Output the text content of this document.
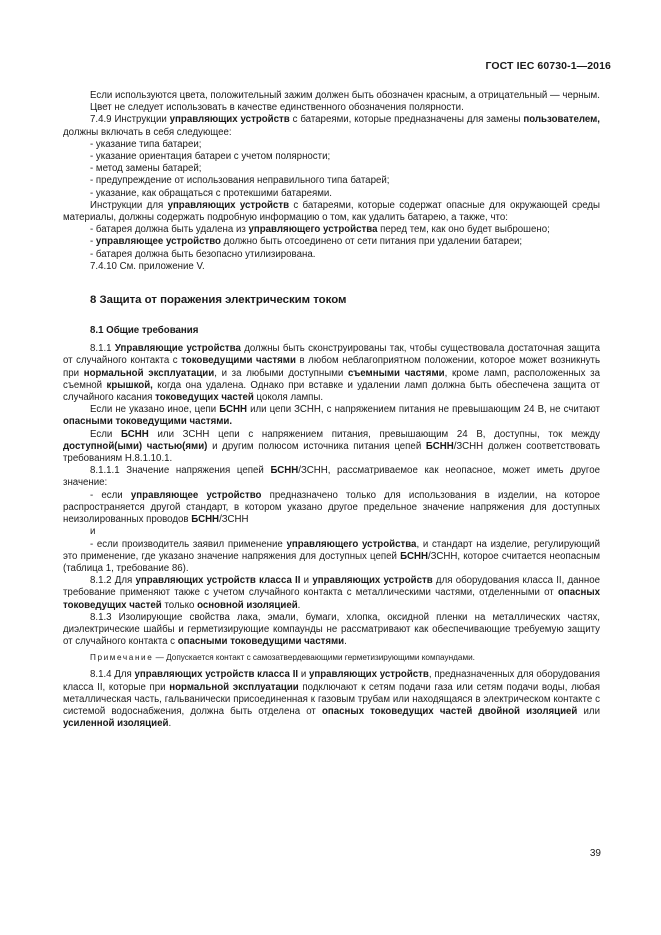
ГОСТ IEC 60730-1—2016

Если используются цвета, положительный зажим должен быть обозначен красным, а отрицательный — черным.

Цвет не следует использовать в качестве единственного обозначения полярности.

7.4.9 Инструкции управляющих устройств с батареями, которые предназначены для замены пользователем, должны включать в себя следующее:

- указание типа батареи;

- указание ориентация батареи с учетом полярности;

- метод замены батарей;

- предупреждение от использования неправильного типа батарей;

- указание, как обращаться с протекшими батареями.

Инструкции для управляющих устройств с батареями, которые содержат опасные для окружающей среды материалы, должны содержать подробную информацию о том, как удалить батарею, а также, что:

- батарея должна быть удалена из управляющего устройства перед тем, как оно будет выброшено;

- управляющее устройство должно быть отсоединено от сети питания при удалении батареи;

- батарея должна быть безопасно утилизирована.

7.4.10 См. приложение V.

8 Защита от поражения электрическим током

8.1 Общие требования

8.1.1 Управляющие устройства должны быть сконструированы так, чтобы существовала достаточная защита от случайного контакта с токоведущими частями в любом неблагоприятном положении, которое может возникнуть при нормальной эксплуатации, и за любыми доступными съемными частями, кроме ламп, расположенных за съемной крышкой, когда она удалена. Однако при вставке и удалении ламп должна быть обеспечена защита от случайного касания токоведущих частей цоколя лампы.

Если не указано иное, цепи БСНН или цепи ЗСНН, с напряжением питания не превышающим 24 В, не считают опасными токоведущими частями.

Если БСНН или ЗСНН цепи с напряжением питания, превышающим 24 В, доступны, ток между доступной(ыми) частью(ями) и другим полюсом источника питания цепей БСНН/ЗСНН должен соответствовать требованиям Н.8.1.10.1.

8.1.1.1 Значение напряжения цепей БСНН/ЗСНН, рассматриваемое как неопасное, может иметь другое значение:

- если управляющее устройство предназначено только для использования в изделии, на которое распространяется другой стандарт, в котором указано другое предельное значение напряжения для доступных неизолированных проводов БСНН/ЗСНН

и

- если производитель заявил применение управляющего устройства, и стандарт на изделие, регулирующий это применение, где указано значение напряжения для доступных цепей БСНН/ЗСНН, которое считается неопасным (таблица 1, требование 86).

8.1.2 Для управляющих устройств класса II и управляющих устройств для оборудования класса II, данное требование применяют также с учетом случайного контакта с металлическими частями, отделенными от опасных токоведущих частей только основной изоляцией.

8.1.3 Изолирующие свойства лака, эмали, бумаги, хлопка, оксидной пленки на металлических частях, диэлектрические шайбы и герметизирующие компаунды не рассматривают как обеспечивающие требуемую защиту от случайного контакта с опасными токоведущими частями.

Примечание — Допускается контакт с самозатвердевающими герметизирующими компаундами.

8.1.4 Для управляющих устройств класса II и управляющих устройств, предназначенных для оборудования класса II, которые при нормальной эксплуатации подключают к сетям подачи газа или сетям подачи воды, любая металлическая часть, гальванически присоединенная к газовым трубам или находящаяся в электрическом контакте с системой водоснабжения, должна быть отделена от опасных токоведущих частей двойной изоляцией или усиленной изоляцией.

39
